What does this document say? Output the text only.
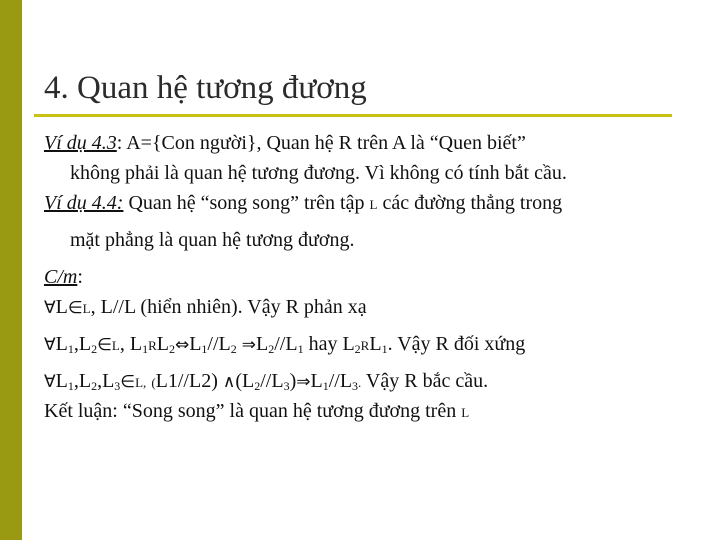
4. Quan hệ tương đương
Ví dụ 4.3: A={Con người}, Quan hệ R trên A là “Quen biết”
không phải là quan hệ tương đương. Vì không có tính bắt cầu.
Ví dụ 4.4: Quan hệ “song song” trên tập L các đường thẳng trong
mặt phẳng là quan hệ tương đương.
C/m:
∀L∈L, L//L (hiển nhiên). Vậy R phản xạ
$\forall L_1,L_2\in L$, $L_1RL_2\Leftrightarrow L_1//L_2$ $\Rightarrow L_2//L_1$ hay $L_2RL_1$. Vậy R đối xứng
$\forall L_1,L_2,L_3\in L$, (L1//L2) $\wedge(L_2//L_3)\Rightarrow L_1//L_3$. Vậy R bắc cầu.
Kết luận: “Song song” là quan hệ tương đương trên L
